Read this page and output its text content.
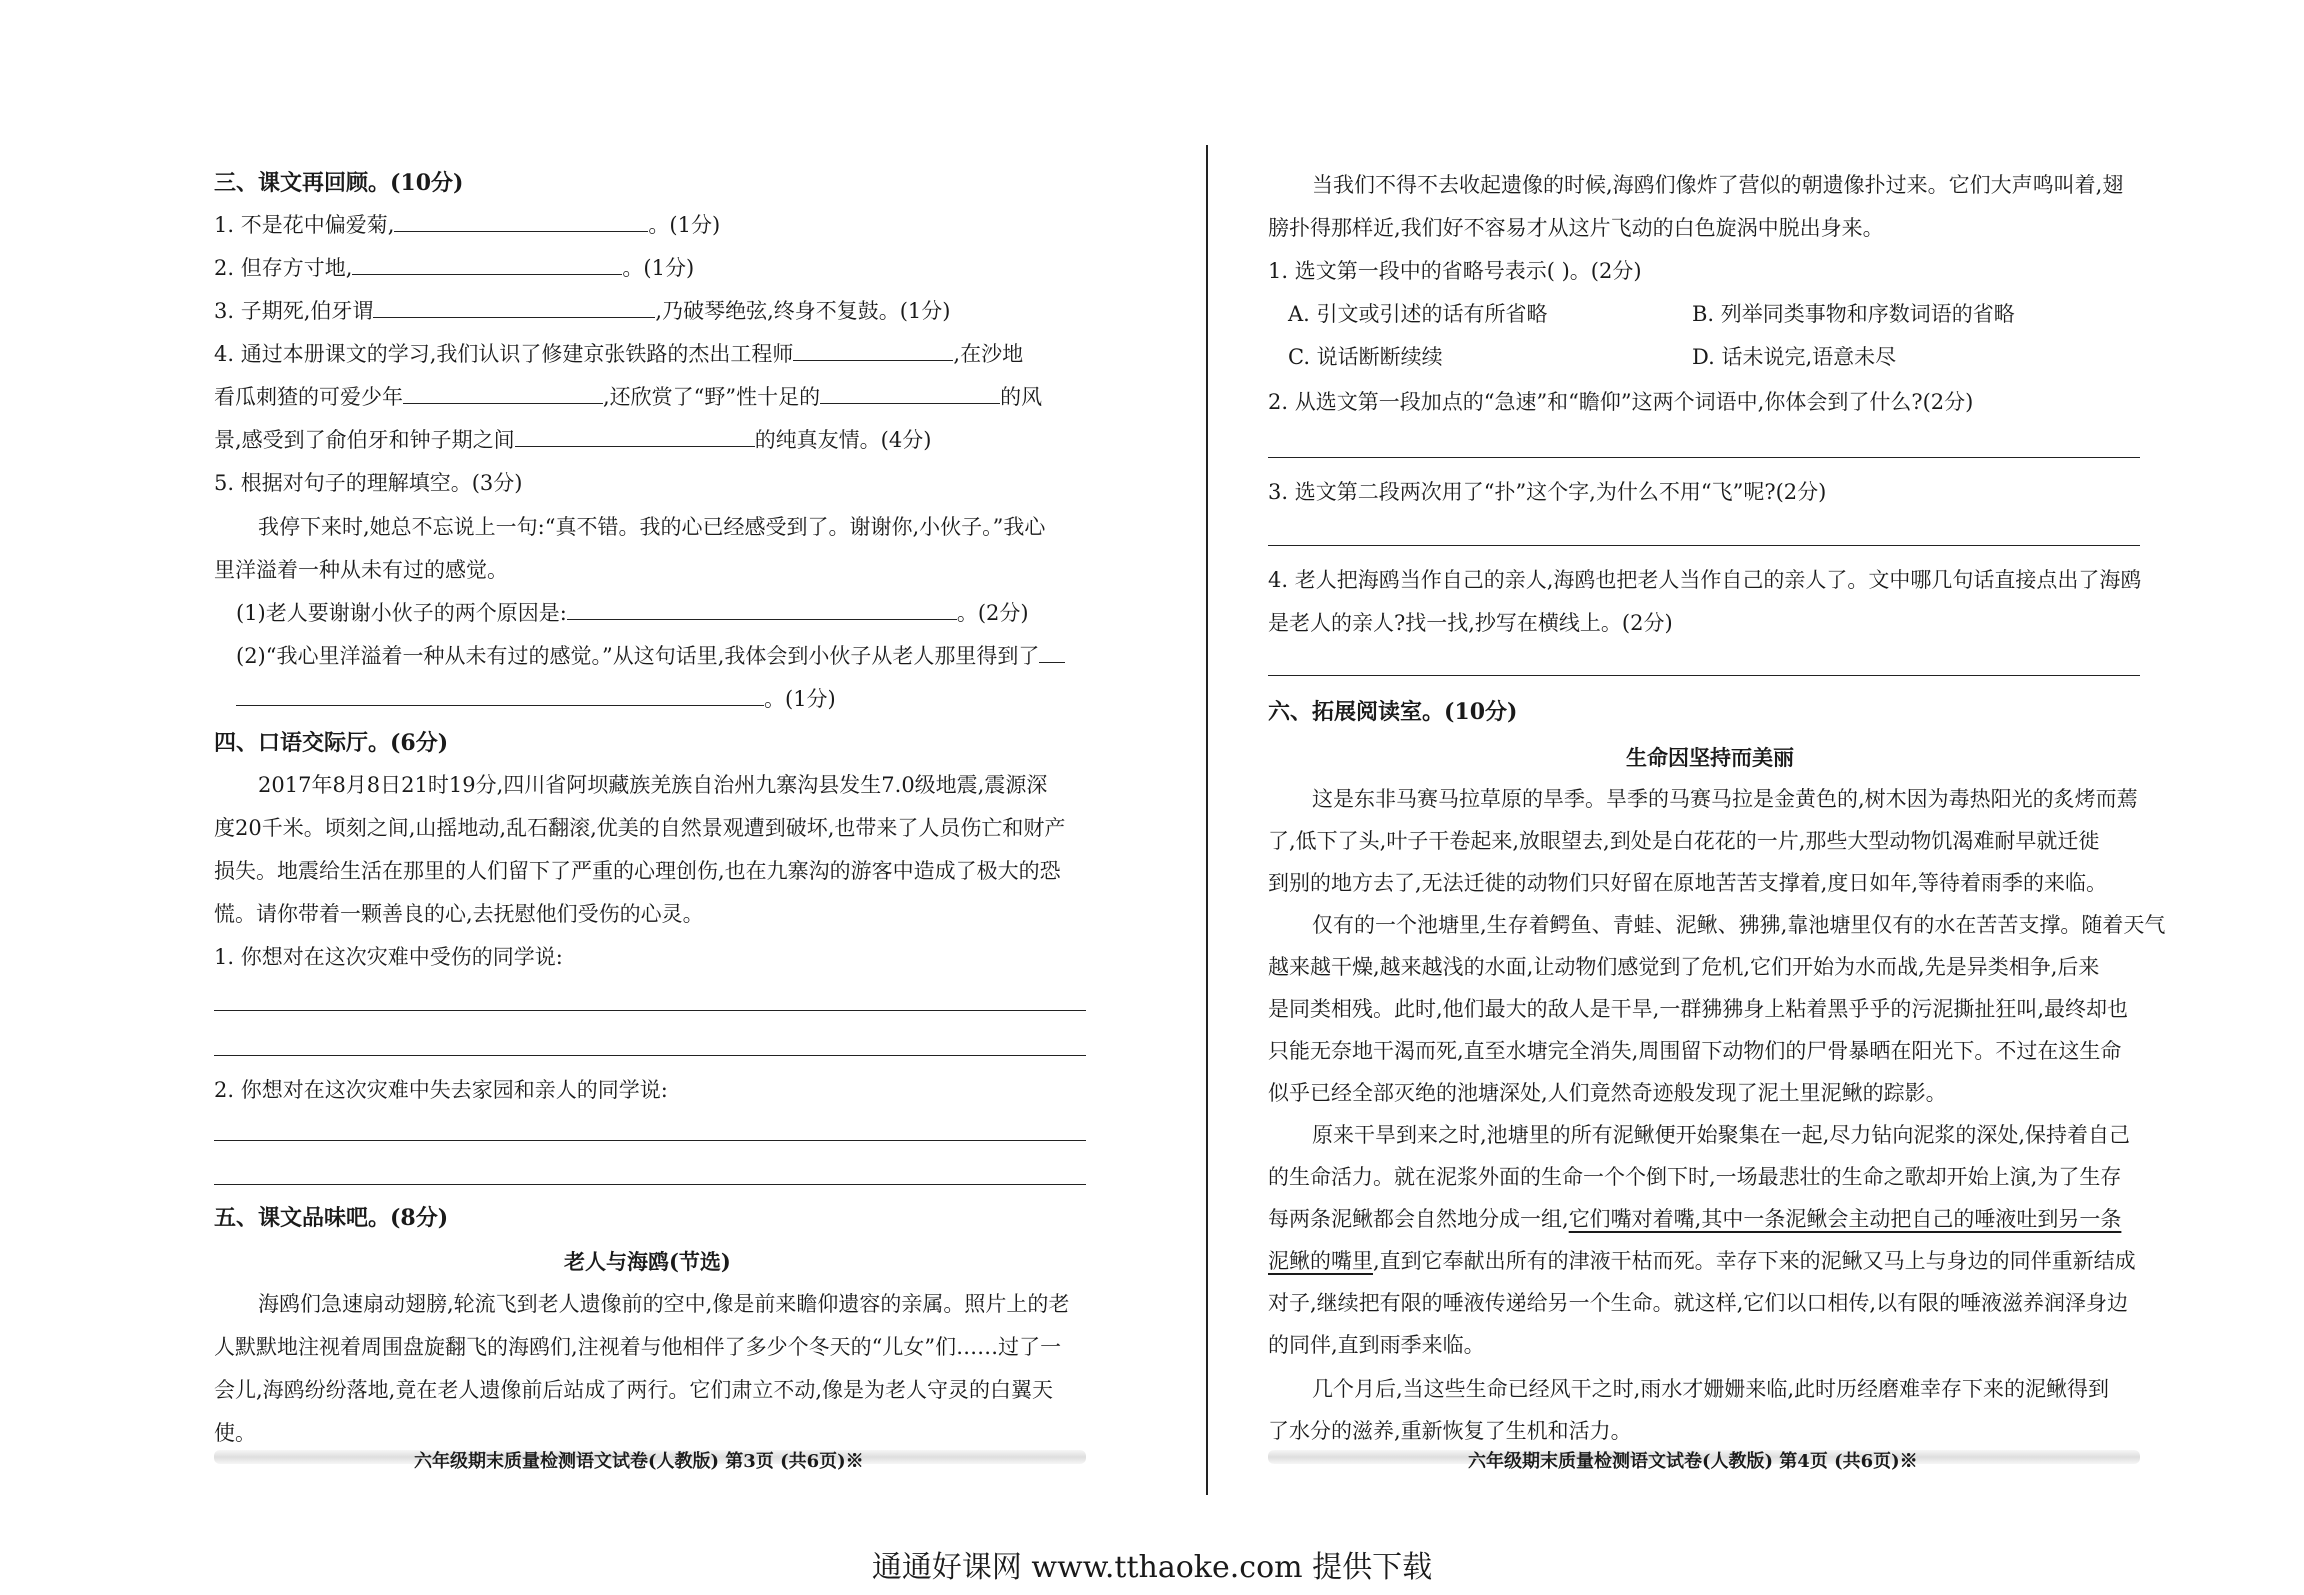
三、课文再回顾。(10分)
1. 不是花中偏爱菊,	。(1分)
2. 但存方寸地,	。(1分)
3. 子期死,伯牙谓	,乃破琴绝弦,终身不复鼓。(1分)
4. 通过本册课文的学习,我们认识了修建京张铁路的杰出工程师	,在沙地
看瓜刺猹的可爱少年	,还欣赏了“野”性十足的	的风
景,感受到了俞伯牙和钟子期之间	的纯真友情。(4分)
5. 根据对句子的理解填空。(3分)
我停下来时,她总不忘说上一句:“真不错。我的心已经感受到了。谢谢你,小伙子。”我心
里洋溢着一种从未有过的感觉。
(1)老人要谢谢小伙子的两个原因是:	。(2分)
(2)“我心里洋溢着一种从未有过的感觉。”从这句话里,我体会到小伙子从老人那里得到了
。(1分)
四、口语交际厅。(6分)
2017年8月8日21时19分,四川省阿坝藏族羌族自治州九寨沟县发生7.0级地震,震源深
度20千米。顷刻之间,山摇地动,乱石翻滚,优美的自然景观遭到破坏,也带来了人员伤亡和财产
损失。地震给生活在那里的人们留下了严重的心理创伤,也在九寨沟的游客中造成了极大的恐
慌。请你带着一颗善良的心,去抚慰他们受伤的心灵。
1. 你想对在这次灾难中受伤的同学说:
2. 你想对在这次灾难中失去家园和亲人的同学说:
五、课文品味吧。(8分)
老人与海鸥(节选)
海鸥们急速扇动翅膀,轮流飞到老人遗像前的空中,像是前来瞻仰遗容的亲属。照片上的老
人默默地注视着周围盘旋翻飞的海鸥们,注视着与他相伴了多少个冬天的“儿女”们……过了一
会儿,海鸥纷纷落地,竟在老人遗像前后站成了两行。它们肃立不动,像是为老人守灵的白翼天
使。
六年级期末质量检测语文试卷(人教版) 第3页 (共6页)※
当我们不得不去收起遗像的时候,海鸥们像炸了营似的朝遗像扑过来。它们大声鸣叫着,翅
膀扑得那样近,我们好不容易才从这片飞动的白色旋涡中脱出身来。
1. 选文第一段中的省略号表示( )。(2分)
A. 引文或引述的话有所省略	B. 列举同类事物和序数词语的省略
C. 说话断断续续	D. 话未说完,语意未尽
2. 从选文第一段加点的“急速”和“瞻仰”这两个词语中,你体会到了什么?(2分)
3. 选文第二段两次用了“扑”这个字,为什么不用“飞”呢?(2分)
4. 老人把海鸥当作自己的亲人,海鸥也把老人当作自己的亲人了。文中哪几句话直接点出了海鸥
是老人的亲人?找一找,抄写在横线上。(2分)
六、拓展阅读室。(10分)
生命因坚持而美丽
这是东非马赛马拉草原的旱季。旱季的马赛马拉是金黄色的,树木因为毒热阳光的炙烤而蔫
了,低下了头,叶子干卷起来,放眼望去,到处是白花花的一片,那些大型动物饥渴难耐早就迁徙
到别的地方去了,无法迁徙的动物们只好留在原地苦苦支撑着,度日如年,等待着雨季的来临。
仅有的一个池塘里,生存着鳄鱼、青蛙、泥鳅、狒狒,靠池塘里仅有的水在苦苦支撑。随着天气
越来越干燥,越来越浅的水面,让动物们感觉到了危机,它们开始为水而战,先是异类相争,后来
是同类相残。此时,他们最大的敌人是干旱,一群狒狒身上粘着黑乎乎的污泥撕扯狂叫,最终却也
只能无奈地干渴而死,直至水塘完全消失,周围留下动物们的尸骨暴晒在阳光下。不过在这生命
似乎已经全部灭绝的池塘深处,人们竟然奇迹般发现了泥土里泥鳅的踪影。
原来干旱到来之时,池塘里的所有泥鳅便开始聚集在一起,尽力钻向泥浆的深处,保持着自己
的生命活力。就在泥浆外面的生命一个个倒下时,一场最悲壮的生命之歌却开始上演,为了生存
每两条泥鳅都会自然地分成一组,它们嘴对着嘴,其中一条泥鳅会主动把自己的唾液吐到另一条
泥鳅的嘴里,直到它奉献出所有的津液干枯而死。幸存下来的泥鳅又马上与身边的同伴重新结成
对子,继续把有限的唾液传递给另一个生命。就这样,它们以口相传,以有限的唾液滋养润泽身边
的同伴,直到雨季来临。
几个月后,当这些生命已经风干之时,雨水才姗姗来临,此时历经磨难幸存下来的泥鳅得到
了水分的滋养,重新恢复了生机和活力。
六年级期末质量检测语文试卷(人教版) 第4页 (共6页)※
通通好课网 www.tthaoke.com 提供下载
